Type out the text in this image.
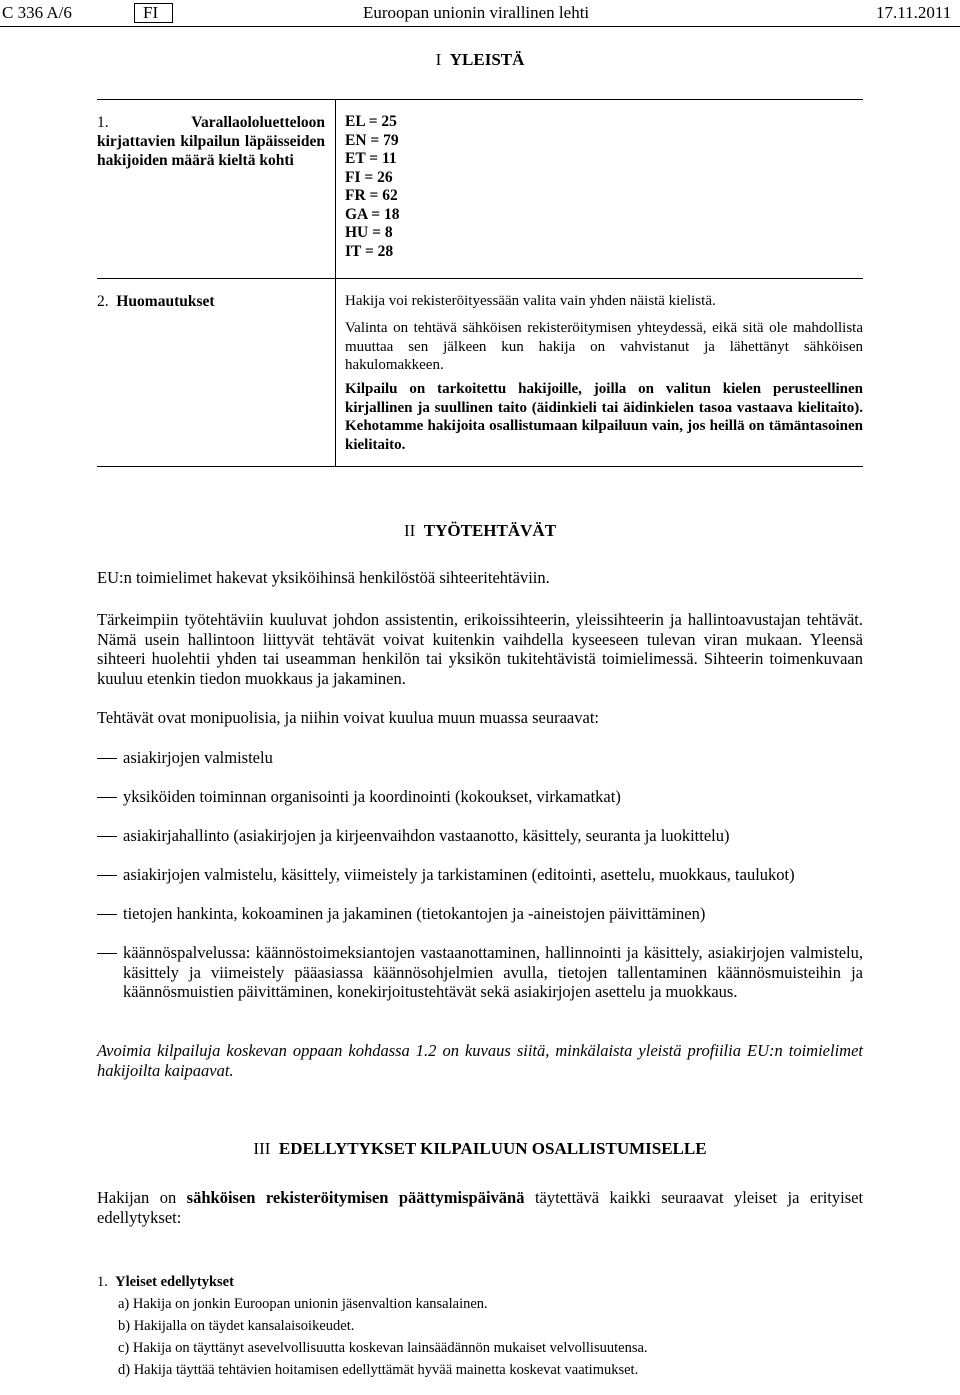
C 336 A/6	FI	Euroopan unionin virallinen lehti	17.11.2011
I YLEISTÄ
1.	Varallaololuetteloon kirjattavien kilpailun läpäisseiden hakijoiden määrä kieltä kohti
EL = 25
EN = 79
ET = 11
FI = 26
FR = 62
GA = 18
HU = 8
IT = 28
2. Huomautukset	Hakija voi rekisteröityessään valita vain yhden näistä kielistä.
Valinta on tehtävä sähköisen rekisteröitymisen yhteydessä, eikä sitä ole mahdollista muuttaa sen jälkeen kun hakija on vahvistanut ja lähettänyt sähköisen hakulomakkeen.
Kilpailu on tarkoitettu hakijoille, joilla on valitun kielen perusteellinen kirjallinen ja suullinen taito (äidinkieli tai äidinkielen tasoa vastaava kielitaito). Kehotamme hakijoita osallistumaan kilpailuun vain, jos heillä on tämäntasoinen kielitaito.
II TYÖTEHTÄVÄT
EU:n toimielimet hakevat yksiköihinsä henkilöstöä sihteeritehtäviin.
Tärkeimpiin työtehtäviin kuuluvat johdon assistentin, erikoissihteerin, yleissihteerin ja hallintoavustajan tehtävät. Nämä usein hallintoon liittyvät tehtävät voivat kuitenkin vaihdella kyseeseen tulevan viran mukaan. Yleensä sihteeri huolehtii yhden tai useamman henkilön tai yksikön tukitehtävistä toimielimessä. Sihteerin toimenkuvaan kuuluu etenkin tiedon muokkaus ja jakaminen.
Tehtävät ovat monipuolisia, ja niihin voivat kuulua muun muassa seuraavat:
asiakirjojen valmistelu
yksiköiden toiminnan organisointi ja koordinointi (kokoukset, virkamatkat)
asiakirjahallinto (asiakirjojen ja kirjeenvaihdon vastaanotto, käsittely, seuranta ja luokittelu)
asiakirjojen valmistelu, käsittely, viimeistely ja tarkistaminen (editointi, asettelu, muokkaus, taulukot)
tietojen hankinta, kokoaminen ja jakaminen (tietokantojen ja -aineistojen päivittäminen)
käännöspalvelussa: käännöstoimeksiantojen vastaanottaminen, hallinnointi ja käsittely, asiakirjojen valmistelu, käsittely ja viimeistely pääasiassa käännösohjelmien avulla, tietojen tallentaminen käännösmuisteihin ja käännösmuistien päivittäminen, konekirjoitustehtävät sekä asiakirjojen asettelu ja muokkaus.
Avoimia kilpailuja koskevan oppaan kohdassa 1.2 on kuvaus siitä, minkälaista yleistä profiilia EU:n toimielimet hakijoilta kaipaavat.
III EDELLYTYKSET KILPAILUUN OSALLISTUMISELLE
Hakijan on sähköisen rekisteröitymisen päättymispäivänä täytettävä kaikki seuraavat yleiset ja erityiset edellytykset:
1. Yleiset edellytykset
a) Hakija on jonkin Euroopan unionin jäsenvaltion kansalainen.
b) Hakijalla on täydet kansalaisoikeudet.
c) Hakija on täyttänyt asevelvollisuutta koskevan lainsäädännön mukaiset velvollisuutensa.
d) Hakija täyttää tehtävien hoitamisen edellyttämät hyvää mainetta koskevat vaatimukset.
